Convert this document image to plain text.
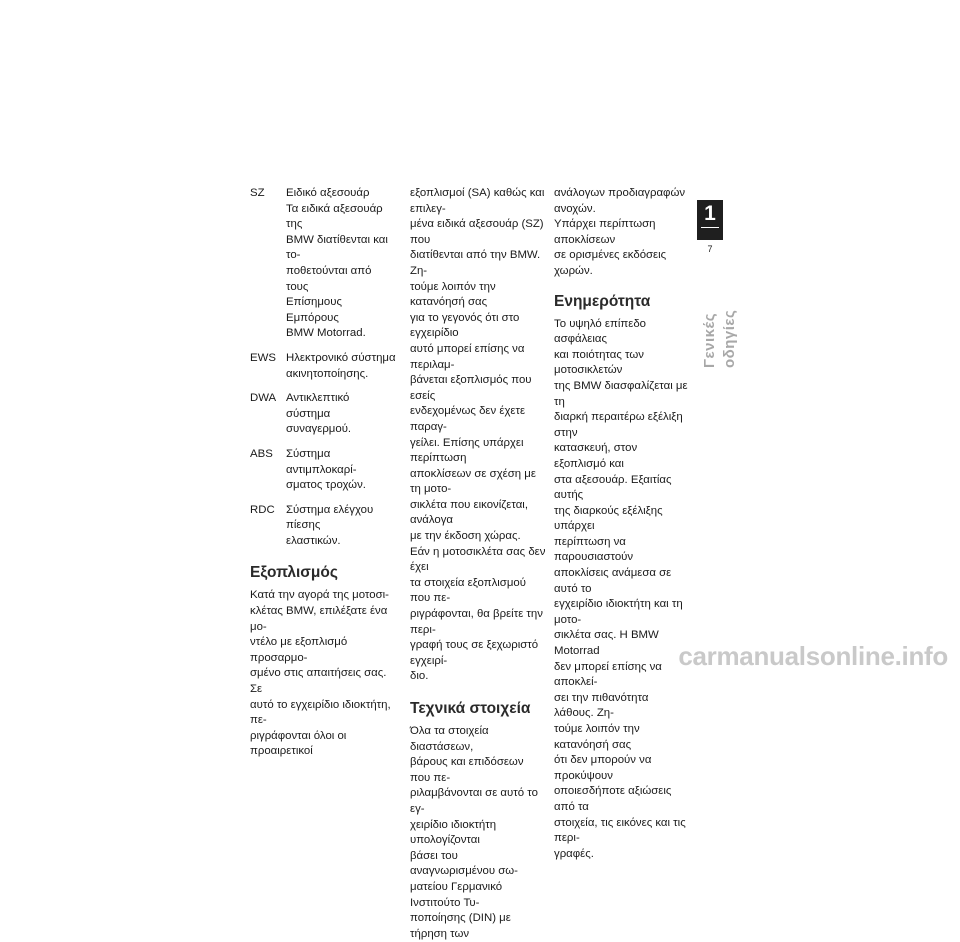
SZ	Ειδικό αξεσουάρ
Τα ειδικά αξεσουάρ της
BMW διατίθενται και το-
ποθετούνται από τους
Επίσημους Εμπόρους
BMW Motorrad.
EWS Ηλεκτρονικό σύστημα
ακινητοποίησης.
DWA Αντικλεπτικό σύστημα
συναγερμού.
ABS	Σύστημα αντιμπλοκαρί-
σματος τροχών.
RDC Σύστημα ελέγχου πίεσης
ελαστικών.
Εξοπλισμός

Κατά την αγορά της μοτοσι-
κλέτας BMW, επιλέξατε ένα μο-
ντέλο με εξοπλισμό προσαρμο-
σμένο στις απαιτήσεις σας. Σε
αυτό το εγχειρίδιο ιδιοκτήτη, πε-
ριγράφονται όλοι οι προαιρετικοί

εξοπλισμοί (SA) καθώς και επιλεγ-
μένα ειδικά αξεσουάρ (SZ) που
διατίθενται από την BMW. Ζη-
τούμε λοιπόν την κατανόησή σας
για το γεγονός ότι στο εγχειρίδιο
αυτό μπορεί επίσης να περιλαμ-
βάνεται εξοπλισμός που εσείς
ενδεχομένως δεν έχετε παραγ-
γείλει. Επίσης υπάρχει περίπτωση
αποκλίσεων σε σχέση με τη μοτο-
σικλέτα που εικονίζεται, ανάλογα
με την έκδοση χώρας.
Εάν η μοτοσικλέτα σας δεν έχει
τα στοιχεία εξοπλισμού που πε-
ριγράφονται, θα βρείτε την περι-
γραφή τους σε ξεχωριστό εγχειρί-
διο.

Τεχνικά στοιχεία

Όλα τα στοιχεία διαστάσεων,
βάρους και επιδόσεων που πε-
ριλαμβάνονται σε αυτό το εγ-
χειρίδιο ιδιοκτήτη υπολογίζονται
βάσει του αναγνωρισμένου σω-
ματείου Γερμανικό Ινστιτούτο Τυ-
ποποίησης (DIN) με τήρηση των

ανάλογων προδιαγραφών ανοχών.
Υπάρχει περίπτωση αποκλίσεων
σε ορισμένες εκδόσεις χωρών.

Ενημερότητα

Το υψηλό επίπεδο ασφάλειας
και ποιότητας των μοτοσικλετών
της BMW διασφαλίζεται με τη
διαρκή περαιτέρω εξέλιξη στην
κατασκευή, στον εξοπλισμό και
στα αξεσουάρ. Εξαιτίας αυτής
της διαρκούς εξέλιξης υπάρχει
περίπτωση να παρουσιαστούν
αποκλίσεις ανάμεσα σε αυτό το
εγχειρίδιο ιδιοκτήτη και τη μοτο-
σικλέτα σας. Η BMW Motorrad
δεν μπορεί επίσης να αποκλεί-
σει την πιθανότητα λάθους. Ζη-
τούμε λοιπόν την κατανόησή σας
ότι δεν μπορούν να προκύψουν
οποιεσδήποτε αξιώσεις από τα
στοιχεία, τις εικόνες και τις περι-
γραφές.

1
7
Γενικές οδηγίες
carmanualsonline.info
